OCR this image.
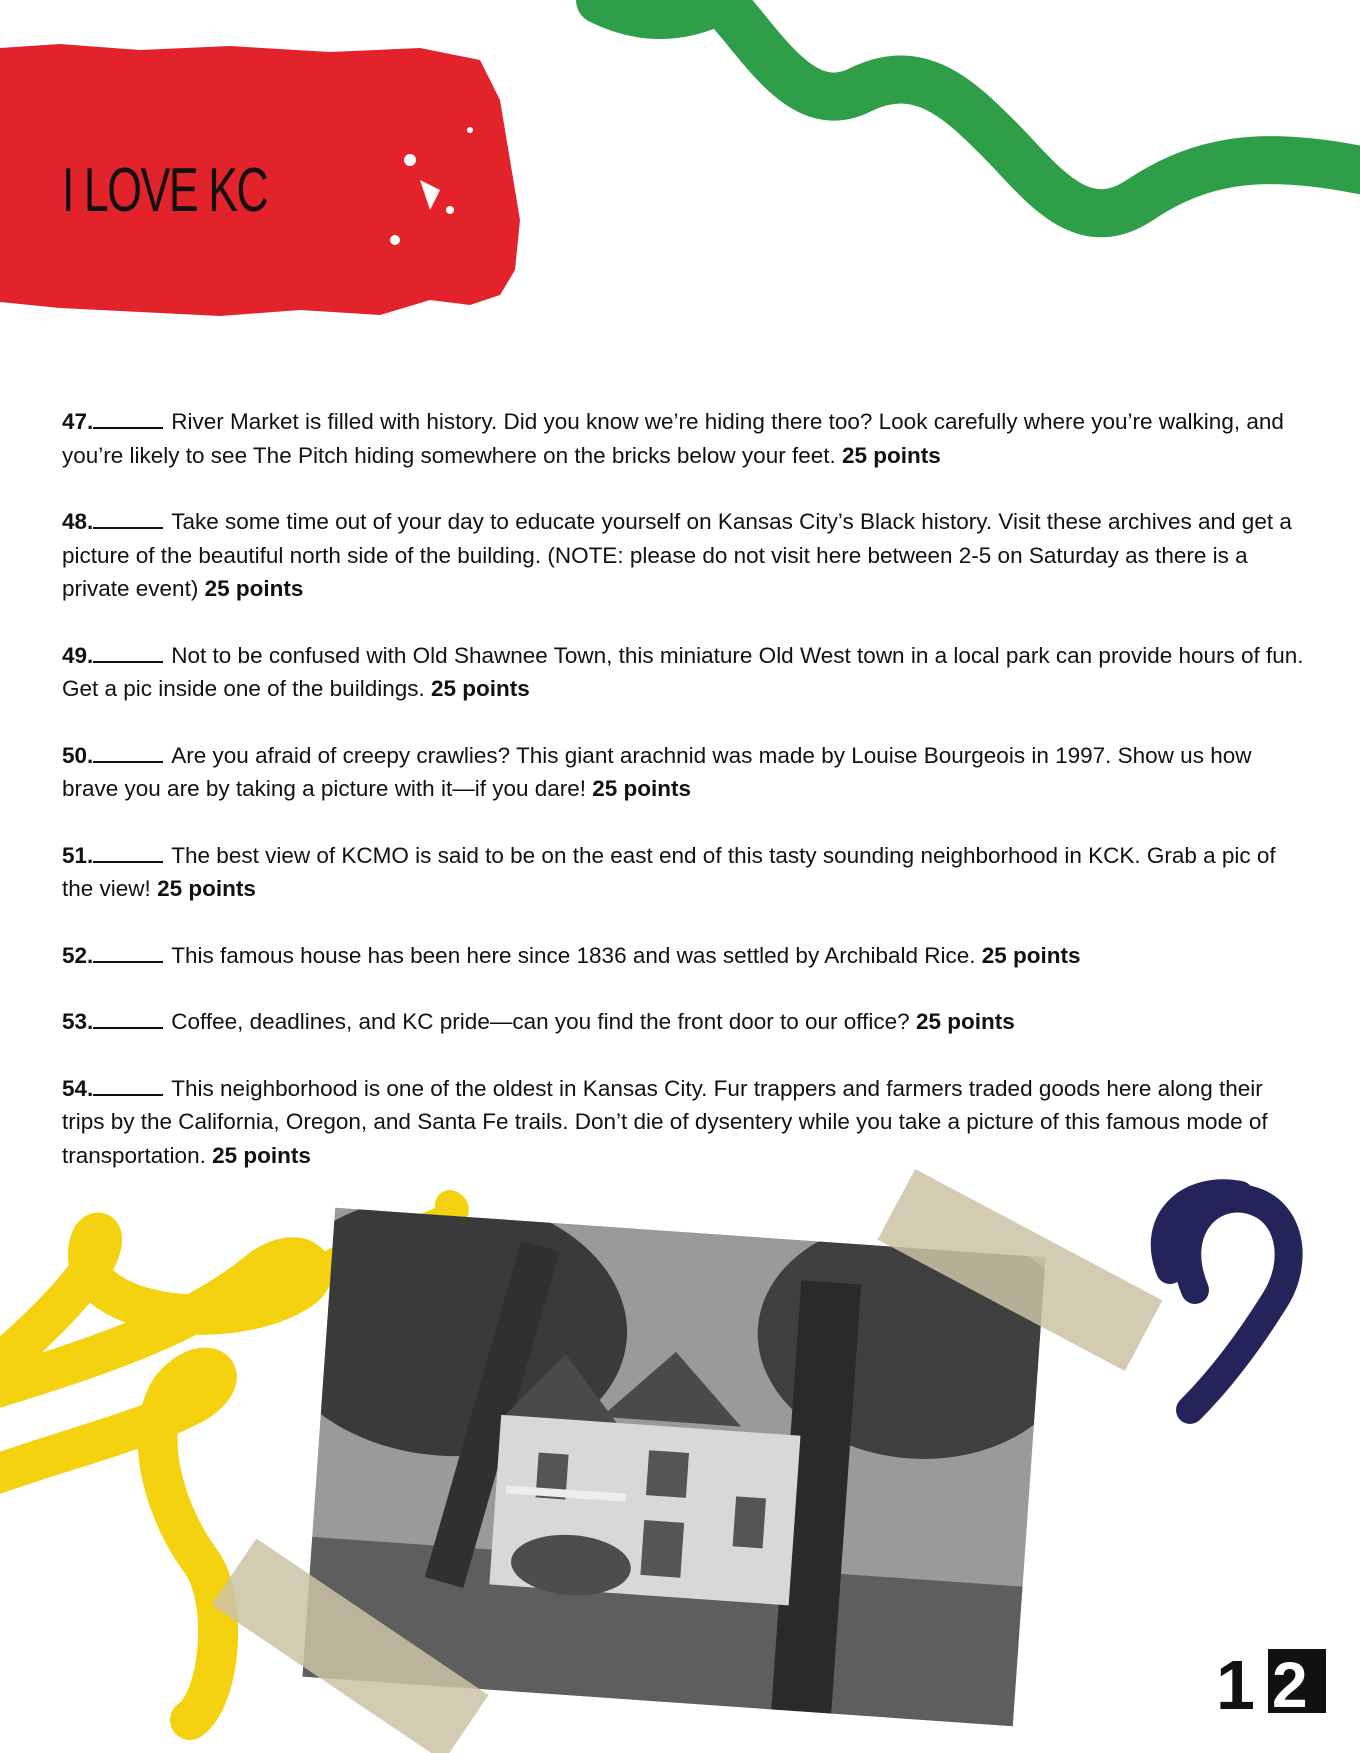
I LOVE KC

47.	River Market is filled with history. Did you know we’re hiding there too? Look carefully where you’re walking, and you’re likely to see The Pitch hiding somewhere on the bricks below your feet. 25 points

48.	Take some time out of your day to educate yourself on Kansas City’s Black history. Visit these archives and get a picture of the beautiful north side of the building. (NOTE: please do not visit here between 2-5 on Saturday as there is a private event) 25 points

49.	Not to be confused with Old Shawnee Town, this miniature Old West town in a local park can provide hours of fun. Get a pic inside one of the buildings. 25 points

50.	Are you afraid of creepy crawlies? This giant arachnid was made by Louise Bourgeois in 1997. Show us how brave you are by taking a picture with it—if you dare! 25 points

51.	The best view of KCMO is said to be on the east end of this tasty sounding neighborhood in KCK. Grab a pic of the view! 25 points

52.	This famous house has been here since 1836 and was settled by Archibald Rice. 25 points

53.	Coffee, deadlines, and KC pride—can you find the front door to our office? 25 points

54.	This neighborhood is one of the oldest in Kansas City. Fur trappers and farmers traded goods here along their trips by the California, Oregon, and Santa Fe trails. Don’t die of dysentery while you take a picture of this famous mode of transportation. 25 points

1 2
